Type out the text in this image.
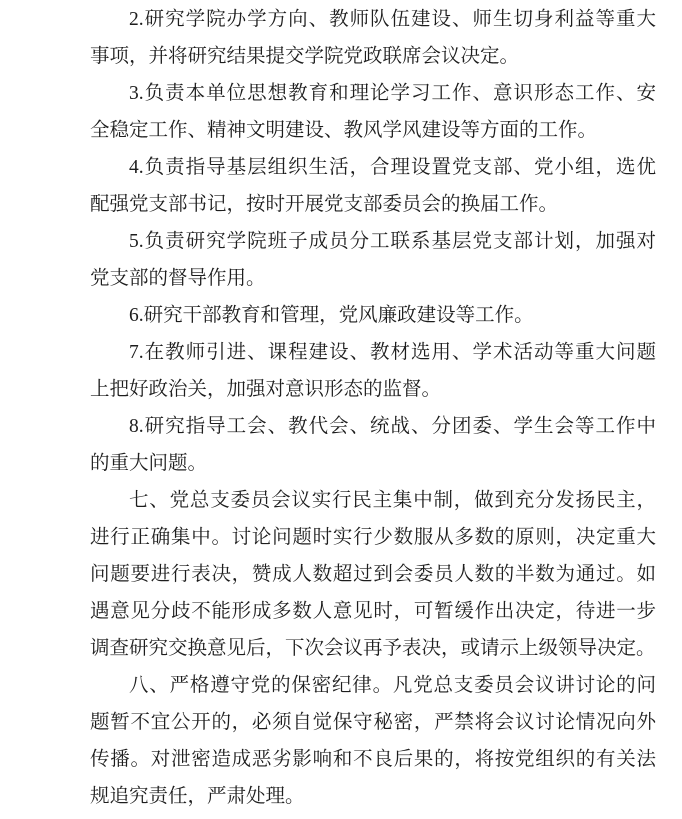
2.研究学院办学方向、教师队伍建设、师生切身利益等重大
事项，并将研究结果提交学院党政联席会议决定。

3.负责本单位思想教育和理论学习工作、意识形态工作、安
全稳定工作、精神文明建设、教风学风建设等方面的工作。

4.负责指导基层组织生活，合理设置党支部、党小组，选优
配强党支部书记，按时开展党支部委员会的换届工作。

5.负责研究学院班子成员分工联系基层党支部计划，加强对
党支部的督导作用。

6.研究干部教育和管理，党风廉政建设等工作。

7.在教师引进、课程建设、教材选用、学术活动等重大问题
上把好政治关，加强对意识形态的监督。

8.研究指导工会、教代会、统战、分团委、学生会等工作中
的重大问题。

七、党总支委员会议实行民主集中制，做到充分发扬民主，
进行正确集中。讨论问题时实行少数服从多数的原则，决定重大
问题要进行表决，赞成人数超过到会委员人数的半数为通过。如
遇意见分歧不能形成多数人意见时，可暂缓作出决定，待进一步
调查研究交换意见后，下次会议再予表决，或请示上级领导决定。

八、严格遵守党的保密纪律。凡党总支委员会议讲讨论的问
题暂不宜公开的，必须自觉保守秘密，严禁将会议讨论情况向外
传播。对泄密造成恶劣影响和不良后果的，将按党组织的有关法
规追究责任，严肃处理。
